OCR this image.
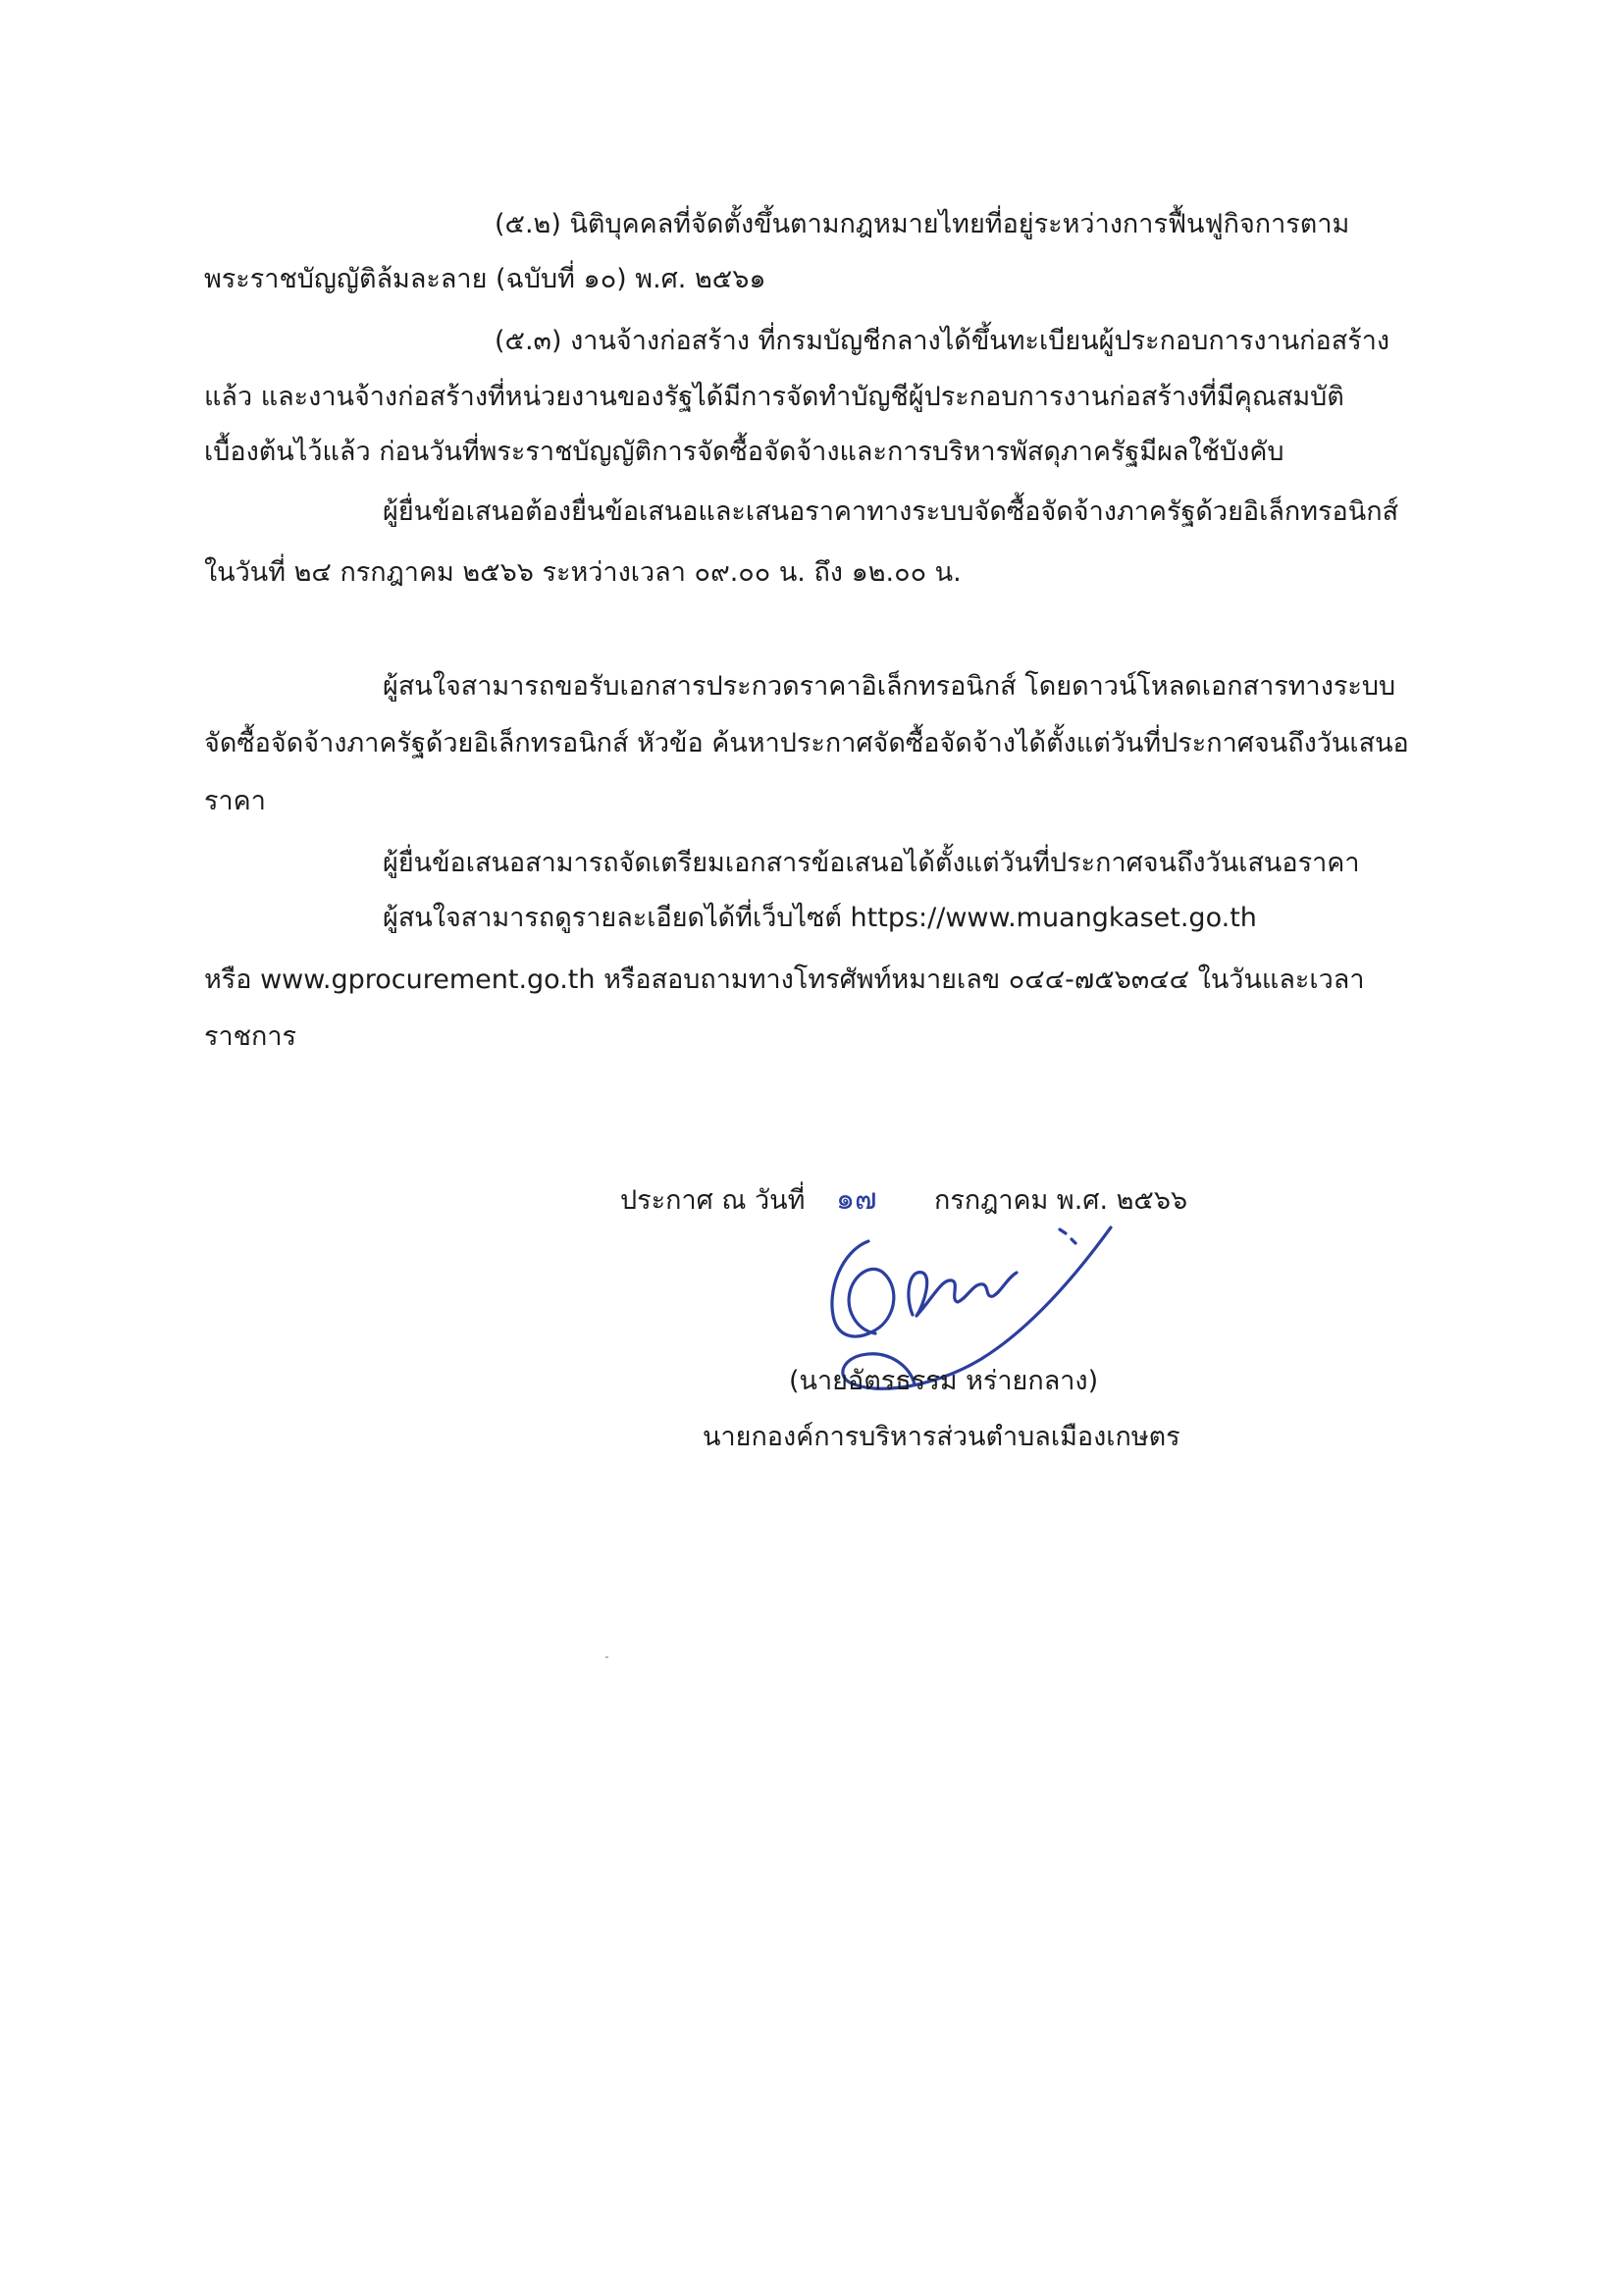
(๕.๒) นิติบุคคลที่จัดตั้งขึ้นตามกฎหมายไทยที่อยู่ระหว่างการฟื้นฟูกิจการตาม
พระราชบัญญัติล้มละลาย (ฉบับที่ ๑๐) พ.ศ. ๒๕๖๑
(๕.๓) งานจ้างก่อสร้าง ที่กรมบัญชีกลางได้ขึ้นทะเบียนผู้ประกอบการงานก่อสร้าง
แล้ว และงานจ้างก่อสร้างที่หน่วยงานของรัฐได้มีการจัดทำบัญชีผู้ประกอบการงานก่อสร้างที่มีคุณสมบัติ
เบื้องต้นไว้แล้ว ก่อนวันที่พระราชบัญญัติการจัดซื้อจัดจ้างและการบริหารพัสดุภาครัฐมีผลใช้บังคับ
ผู้ยื่นข้อเสนอต้องยื่นข้อเสนอและเสนอราคาทางระบบจัดซื้อจัดจ้างภาครัฐด้วยอิเล็กทรอนิกส์
ในวันที่ ๒๔ กรกฎาคม ๒๕๖๖ ระหว่างเวลา ๐๙.๐๐ น. ถึง ๑๒.๐๐ น.
ผู้สนใจสามารถขอรับเอกสารประกวดราคาอิเล็กทรอนิกส์ โดยดาวน์โหลดเอกสารทางระบบ
จัดซื้อจัดจ้างภาครัฐด้วยอิเล็กทรอนิกส์ หัวข้อ ค้นหาประกาศจัดซื้อจัดจ้างได้ตั้งแต่วันที่ประกาศจนถึงวันเสนอ
ราคา
ผู้ยื่นข้อเสนอสามารถจัดเตรียมเอกสารข้อเสนอได้ตั้งแต่วันที่ประกาศจนถึงวันเสนอราคา
ผู้สนใจสามารถดูรายละเอียดได้ที่เว็บไซต์ https://www.muangkaset.go.th
หรือ www.gprocurement.go.th หรือสอบถามทางโทรศัพท์หมายเลข ๐๔๔-๗๕๖๓๔๔ ในวันและเวลา
ราชการ
ประกาศ ณ วันที่ ๑๗ กรกฎาคม พ.ศ. ๒๕๖๖
(นายอัตรธรรม หร่ายกลาง)
นายกองค์การบริหารส่วนตำบลเมืองเกษตร
